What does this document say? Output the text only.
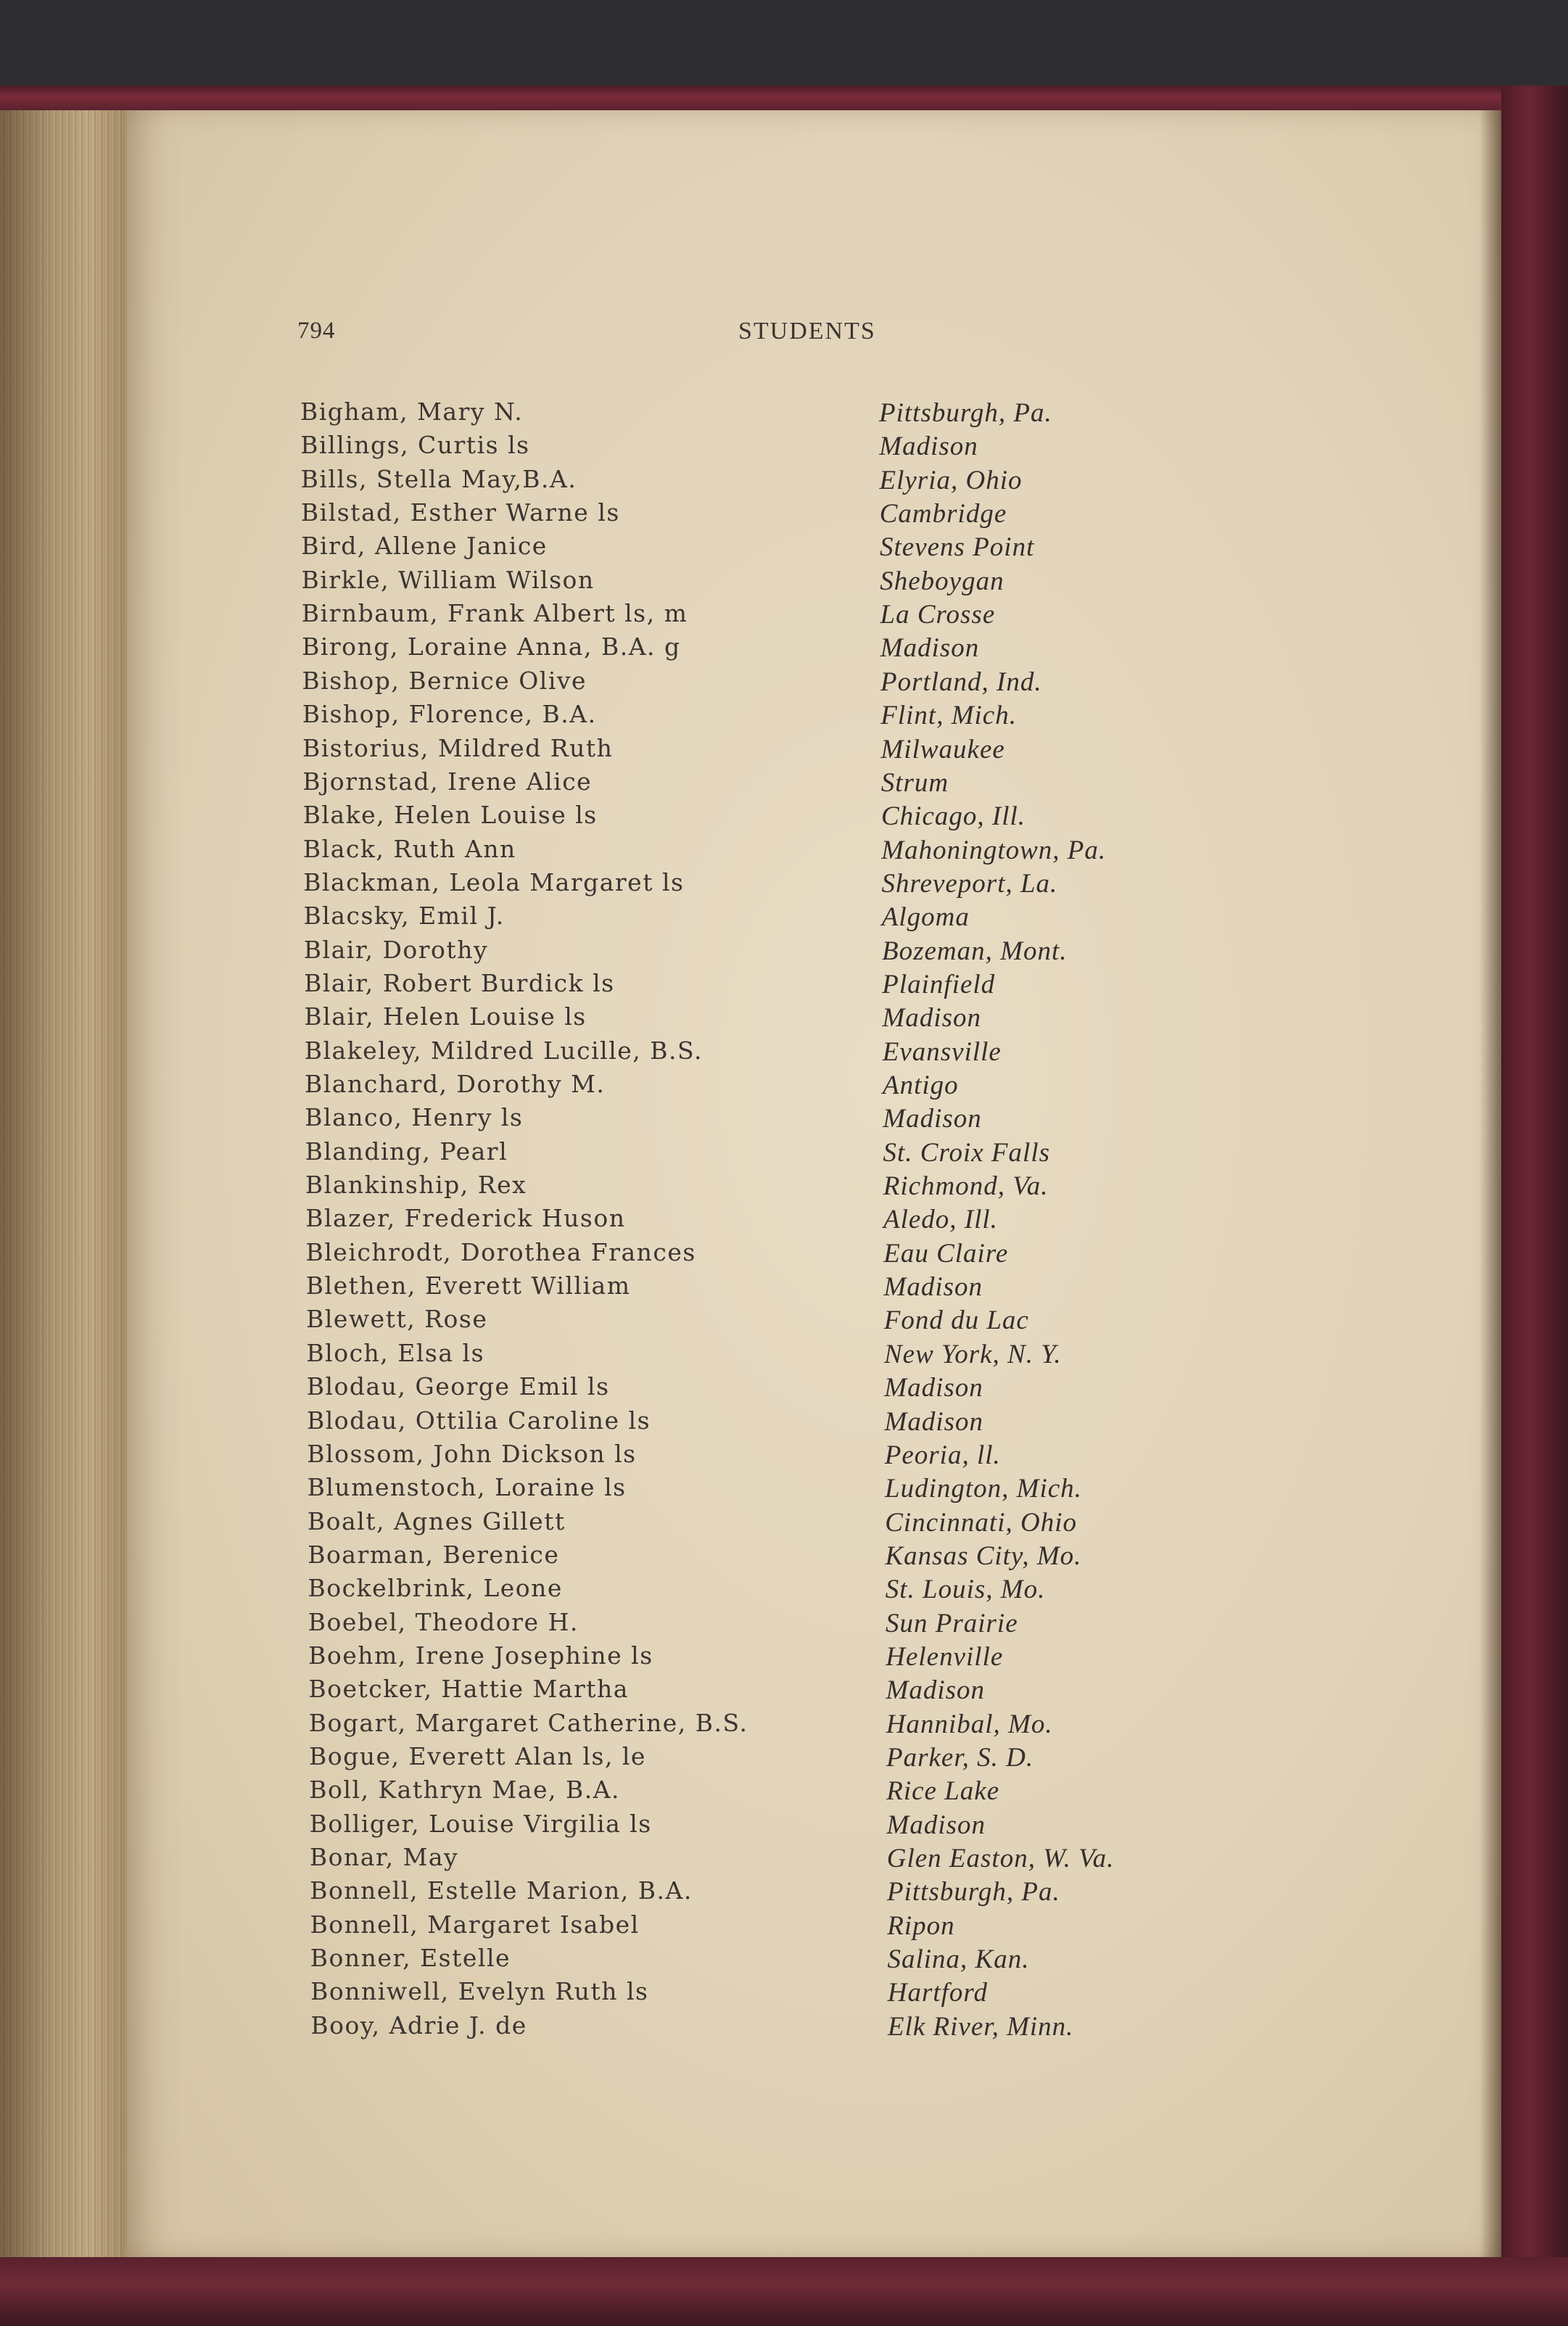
794	STUDENTS
Bigham, Mary N.	Pittsburgh, Pa.
Billings, Curtis ls	Madison
Bills, Stella May,B.A.	Elyria, Ohio
Bilstad, Esther Warne ls	Cambridge
Bird, Allene Janice	Stevens Point
Birkle, William Wilson	Sheboygan
Birnbaum, Frank Albert ls, m	La Crosse
Birong, Loraine Anna, B.A. g	Madison
Bishop, Bernice Olive	Portland, Ind.
Bishop, Florence, B.A.	Flint, Mich.
Bistorius, Mildred Ruth	Milwaukee
Bjornstad, Irene Alice	Strum
Blake, Helen Louise ls	Chicago, Ill.
Black, Ruth Ann	Mahoningtown, Pa.
Blackman, Leola Margaret ls	Shreveport, La.
Blacsky, Emil J.	Algoma
Blair, Dorothy	Bozeman, Mont.
Blair, Robert Burdick ls	Plainfield
Blair, Helen Louise ls	Madison
Blakeley, Mildred Lucille, B.S.	Evansville
Blanchard, Dorothy M.	Antigo
Blanco, Henry ls	Madison
Blanding, Pearl	St. Croix Falls
Blankinship, Rex	Richmond, Va.
Blazer, Frederick Huson	Aledo, Ill.
Bleichrodt, Dorothea Frances	Eau Claire
Blethen, Everett William	Madison
Blewett, Rose	Fond du Lac
Bloch, Elsa ls	New York, N. Y.
Blodau, George Emil ls	Madison
Blodau, Ottilia Caroline ls	Madison
Blossom, John Dickson ls	Peoria, ll.
Blumenstoch, Loraine ls	Ludington, Mich.
Boalt, Agnes Gillett	Cincinnati, Ohio
Boarman, Berenice	Kansas City, Mo.
Bockelbrink, Leone	St. Louis, Mo.
Boebel, Theodore H.	Sun Prairie
Boehm, Irene Josephine ls	Helenville
Boetcker, Hattie Martha	Madison
Bogart, Margaret Catherine, B.S.	Hannibal, Mo.
Bogue, Everett Alan ls, le	Parker, S. D.
Boll, Kathryn Mae, B.A.	Rice Lake
Bolliger, Louise Virgilia ls	Madison
Bonar, May	Glen Easton, W. Va.
Bonnell, Estelle Marion, B.A.	Pittsburgh, Pa.
Bonnell, Margaret Isabel	Ripon
Bonner, Estelle	Salina, Kan.
Bonniwell, Evelyn Ruth ls	Hartford
Booy, Adrie J. de	Elk River, Minn.
